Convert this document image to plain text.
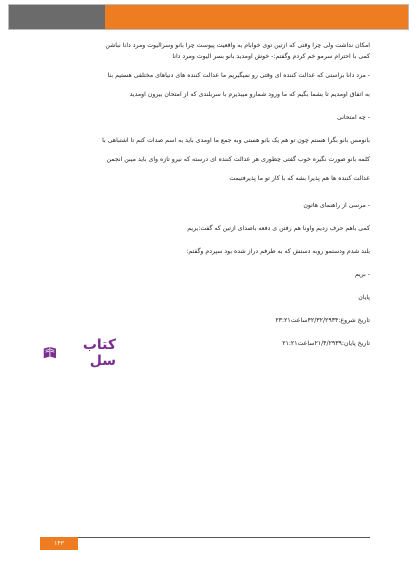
امکان نداشت ولی چرا وقتی که ازتین توی خوابام به واقعیت پیوست چرا بانو وسرالیوت ومرد دانا نباشن

کمی با احترام سرمو خم کردم وگفتم:- خوش اومدید بانو بسر الیوت ومرد دانا

- مرد دانا براستی که عدالت کننده ای وقتی رو نمیگیریم ما عدالت کننده های دنیاهای مختلفی هستیم بنا

به اتفاق اومدیم تا بشما بگیم که ما ورود شمارو میبذیرم با سربلندی که از امتحان بیرون اومدید

- چه امتحانی

بانومس بانو بگرا هستم چون تو هم یک بانو هستی وبه جمع ما اومدی باید به اسم صدات کنم تا اشتباهی با

کلمه بانو صورت نگیره خوب گفتی چطوری هر عدالت کننده ای درسته که نیرو تازه وای باید میبن انجمن

عدالت کننده ها هم پذیرا بشه که با کار تو ما پذیرفتیمت

- مرسی از راهنمای هاتون

کمی باهم حرف زدیم واونا هم رفتن ی دفعه باصدای ازتین که گفت:بریم

بلند شدم ودستمو روبه دستش که به طرفم دراز شده بود سپردم وگفتم:

- بریم

پایان

تاریخ شروع:۴۲/۳۲/۲۹۳۴ساعت۲۳:۲۱

تاریخ پایان:۲۱/۴/۲۹۳۹ساعت۲۱:۲۱

کتاب سل
۱۴۳
